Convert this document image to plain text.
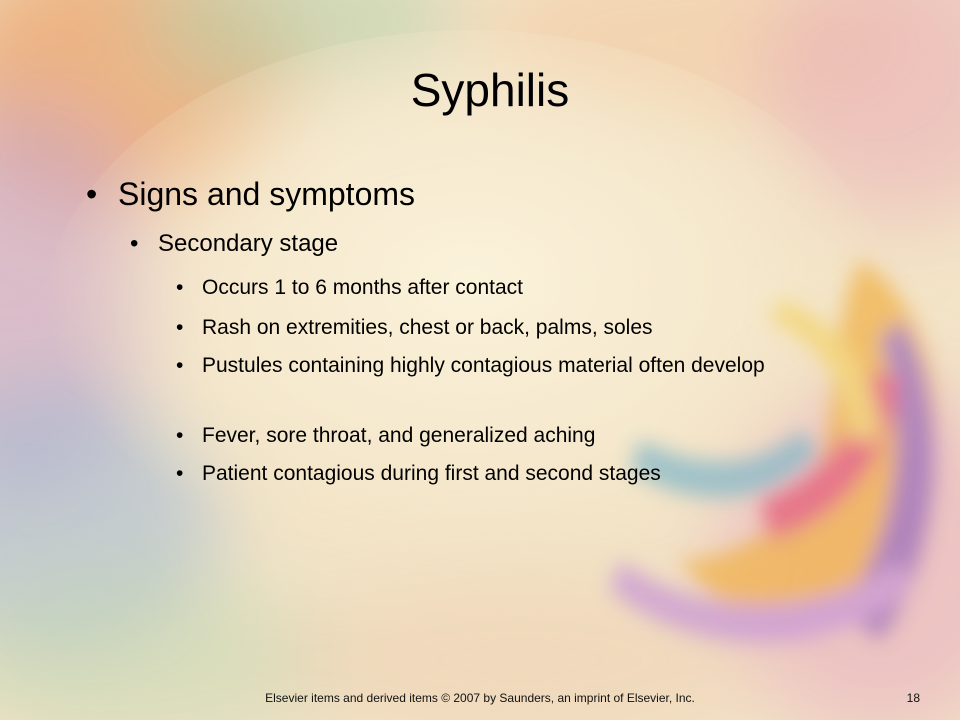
Syphilis
• Signs and symptoms
• Secondary stage
• Occurs 1 to 6 months after contact
• Rash on extremities, chest or back, palms, soles
• Pustules containing highly contagious material often develop
• Fever, sore throat, and generalized aching
• Patient contagious during first and second stages
Elsevier items and derived items © 2007 by Saunders, an imprint of Elsevier, Inc.	18
